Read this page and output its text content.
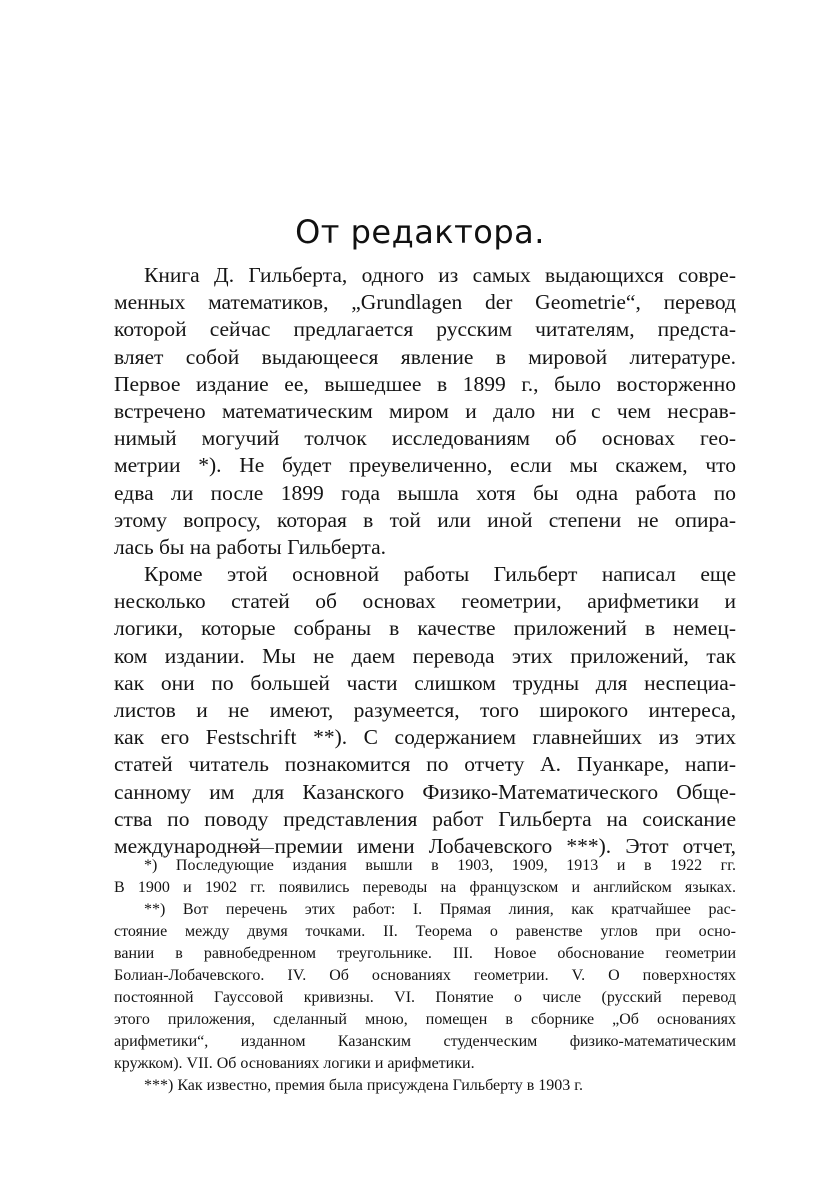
От редактора.
Книга Д. Гильберта, одного из самых выдающихся совре-
менных математиков, „Grundlagen der Geometrie“, перевод
которой сейчас предлагается русским читателям, предста-
вляет собой выдающееся явление в мировой литературе.
Первое издание ее, вышедшее в 1899 г., было восторженно
встречено математическим миром и дало ни с чем несрав-
нимый могучий толчок исследованиям об основах гео-
метрии *). Не будет преувеличенно, если мы скажем, что
едва ли после 1899 года вышла хотя бы одна работа по
этому вопросу, которая в той или иной степени не опира-
лась бы на работы Гильберта.
Кроме этой основной работы Гильберт написал еще
несколько статей об основах геометрии, арифметики и
логики, которые собраны в качестве приложений в немец-
ком издании. Мы не даем перевода этих приложений, так
как они по большей части слишком трудны для неспециа-
листов и не имеют, разумеется, того широкого интереса,
как его Festschrift **). С содержанием главнейших из этих
статей читатель познакомится по отчету А. Пуанкаре, напи-
санному им для Казанского Физико-Математического Обще-
ства по поводу представления работ Гильберта на соискание
международной премии имени Лобачевского ***). Этот отчет,
*) Последующие издания вышли в 1903, 1909, 1913 и в 1922 гг.
В 1900 и 1902 гг. появились переводы на французском и английском языках.
**) Вот перечень этих работ: I. Прямая линия, как кратчайшее рас-
стояние между двумя точками. II. Теорема о равенстве углов при осно-
вании в равнобедренном треугольнике. III. Новое обоснование геометрии
Болиан-Лобачевского. IV. Об основаниях геометрии. V. О поверхностях
постоянной Гауссовой кривизны. VI. Понятие о числе (русский перевод
этого приложения, сделанный мною, помещен в сборнике „Об основаниях
арифметики“, изданном Казанским студенческим физико-математическим
кружком). VII. Об основаниях логики и арифметики.
***) Как известно, премия была присуждена Гильберту в 1903 г.
